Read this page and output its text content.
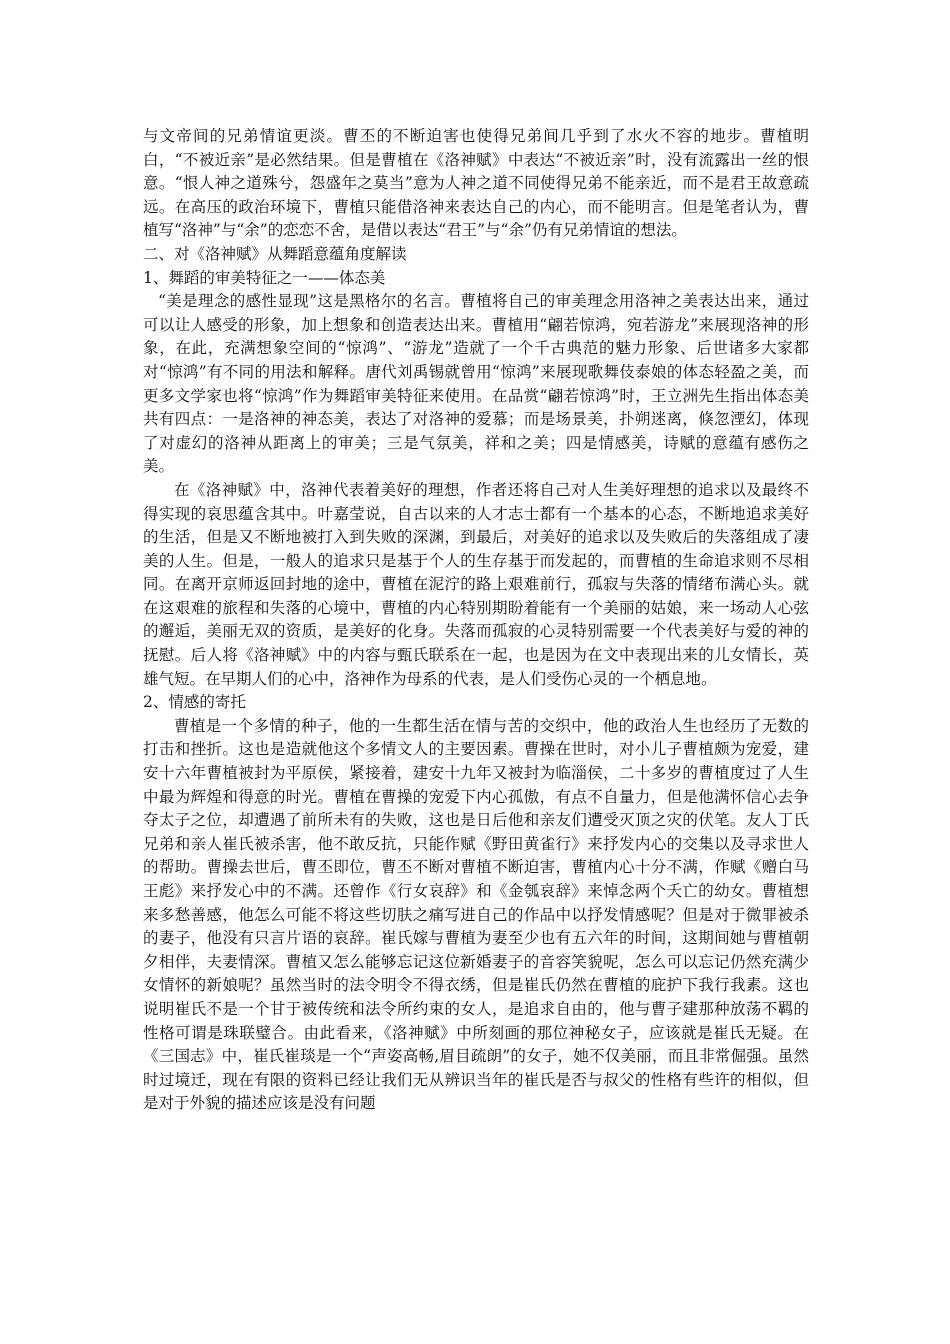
与文帝间的兄弟情谊更淡。曹丕的不断迫害也使得兄弟间几乎到了水火不容的地步。曹植明白，“不被近亲”是必然结果。但是曹植在《洛神赋》中表达“不被近亲”时，没有流露出一丝的恨意。“恨人神之道殊兮，怨盛年之莫当”意为人神之道不同使得兄弟不能亲近，而不是君王故意疏远。在高压的政治环境下，曹植只能借洛神来表达自己的内心，而不能明言。但是笔者认为，曹植写“洛神”与“余”的恋恋不舍，是借以表达“君王”与“余”仍有兄弟情谊的想法。

二、对《洛神赋》从舞蹈意蕴角度解读

1、舞蹈的审美特征之一——体态美

“美是理念的感性显现”这是黑格尔的名言。曹植将自己的审美理念用洛神之美表达出来，通过可以让人感受的形象，加上想象和创造表达出来。曹植用“翩若惊鸿，宛若游龙”来展现洛神的形象，在此，充满想象空间的“惊鸿”、“游龙”造就了一个千古典范的魅力形象、后世诸多大家都对“惊鸿”有不同的用法和解释。唐代刘禹锡就曾用“惊鸿”来展现歌舞伎泰娘的体态轻盈之美，而更多文学家也将“惊鸿”作为舞蹈审美特征来使用。在品赏“翩若惊鸿”时，王立洲先生指出体态美共有四点：一是洛神的神态美，表达了对洛神的爱慕；而是场景美，扑朔迷离，倏忽湮幻，体现了对虚幻的洛神从距离上的审美；三是气氛美，祥和之美；四是情感美，诗赋的意蕴有感伤之美。

在《洛神赋》中，洛神代表着美好的理想，作者还将自己对人生美好理想的追求以及最终不得实现的哀思蕴含其中。叶嘉莹说，自古以来的人才志士都有一个基本的心态，不断地追求美好的生活，但是又不断地被打入到失败的深渊，到最后，对美好的追求以及失败后的失落组成了凄美的人生。但是，一般人的追求只是基于个人的生存基于而发起的，而曹植的生命追求则不尽相同。在离开京师返回封地的途中，曹植在泥泞的路上艰难前行，孤寂与失落的情绪布满心头。就在这艰难的旅程和失落的心境中，曹植的内心特别期盼着能有一个美丽的姑娘，来一场动人心弦的邂逅，美丽无双的资质，是美好的化身。失落而孤寂的心灵特别需要一个代表美好与爱的神的抚慰。后人将《洛神赋》中的内容与甄氏联系在一起，也是因为在文中表现出来的儿女情长，英雄气短。在早期人们的心中，洛神作为母系的代表，是人们受伤心灵的一个栖息地。

2、情感的寄托

曹植是一个多情的种子，他的一生都生活在情与苦的交织中，他的政治人生也经历了无数的打击和挫折。这也是造就他这个多情文人的主要因素。曹操在世时，对小儿子曹植颇为宠爱，建安十六年曹植被封为平原侯，紧接着，建安十九年又被封为临淄侯，二十多岁的曹植度过了人生中最为辉煌和得意的时光。曹植在曹操的宠爱下内心孤傲，有点不自量力，但是他满怀信心去争夺太子之位，却遭遇了前所未有的失败，这也是日后他和亲友们遭受灭顶之灾的伏笔。友人丁氏兄弟和亲人崔氏被杀害，他不敢反抗，只能作赋《野田黄雀行》来抒发内心的交集以及寻求世人的帮助。曹操去世后，曹丕即位，曹丕不断对曹植不断迫害，曹植内心十分不满，作赋《赠白马王彪》来抒发心中的不满。还曾作《行女哀辞》和《金瓠哀辞》来悼念两个夭亡的幼女。曹植想来多愁善感，他怎么可能不将这些切肤之痛写进自己的作品中以抒发情感呢？但是对于微罪被杀的妻子，他没有只言片语的哀辞。崔氏嫁与曹植为妻至少也有五六年的时间，这期间她与曹植朝夕相伴，夫妻情深。曹植又怎么能够忘记这位新婚妻子的音容笑貌呢，怎么可以忘记仍然充满少女情怀的新娘呢？虽然当时的法令明令不得衣绣，但是崔氏仍然在曹植的庇护下我行我素。这也说明崔氏不是一个甘于被传统和法令所约束的女人，是追求自由的，他与曹子建那种放荡不羁的性格可谓是珠联璧合。由此看来，《洛神赋》中所刻画的那位神秘女子，应该就是崔氏无疑。在《三国志》中，崔氏崔琰是一个“声姿高畅,眉目疏朗”的女子，她不仅美丽，而且非常倔强。虽然时过境迁，现在有限的资料已经让我们无从辨识当年的崔氏是否与叔父的性格有些许的相似，但是对于外貌的描述应该是没有问题
